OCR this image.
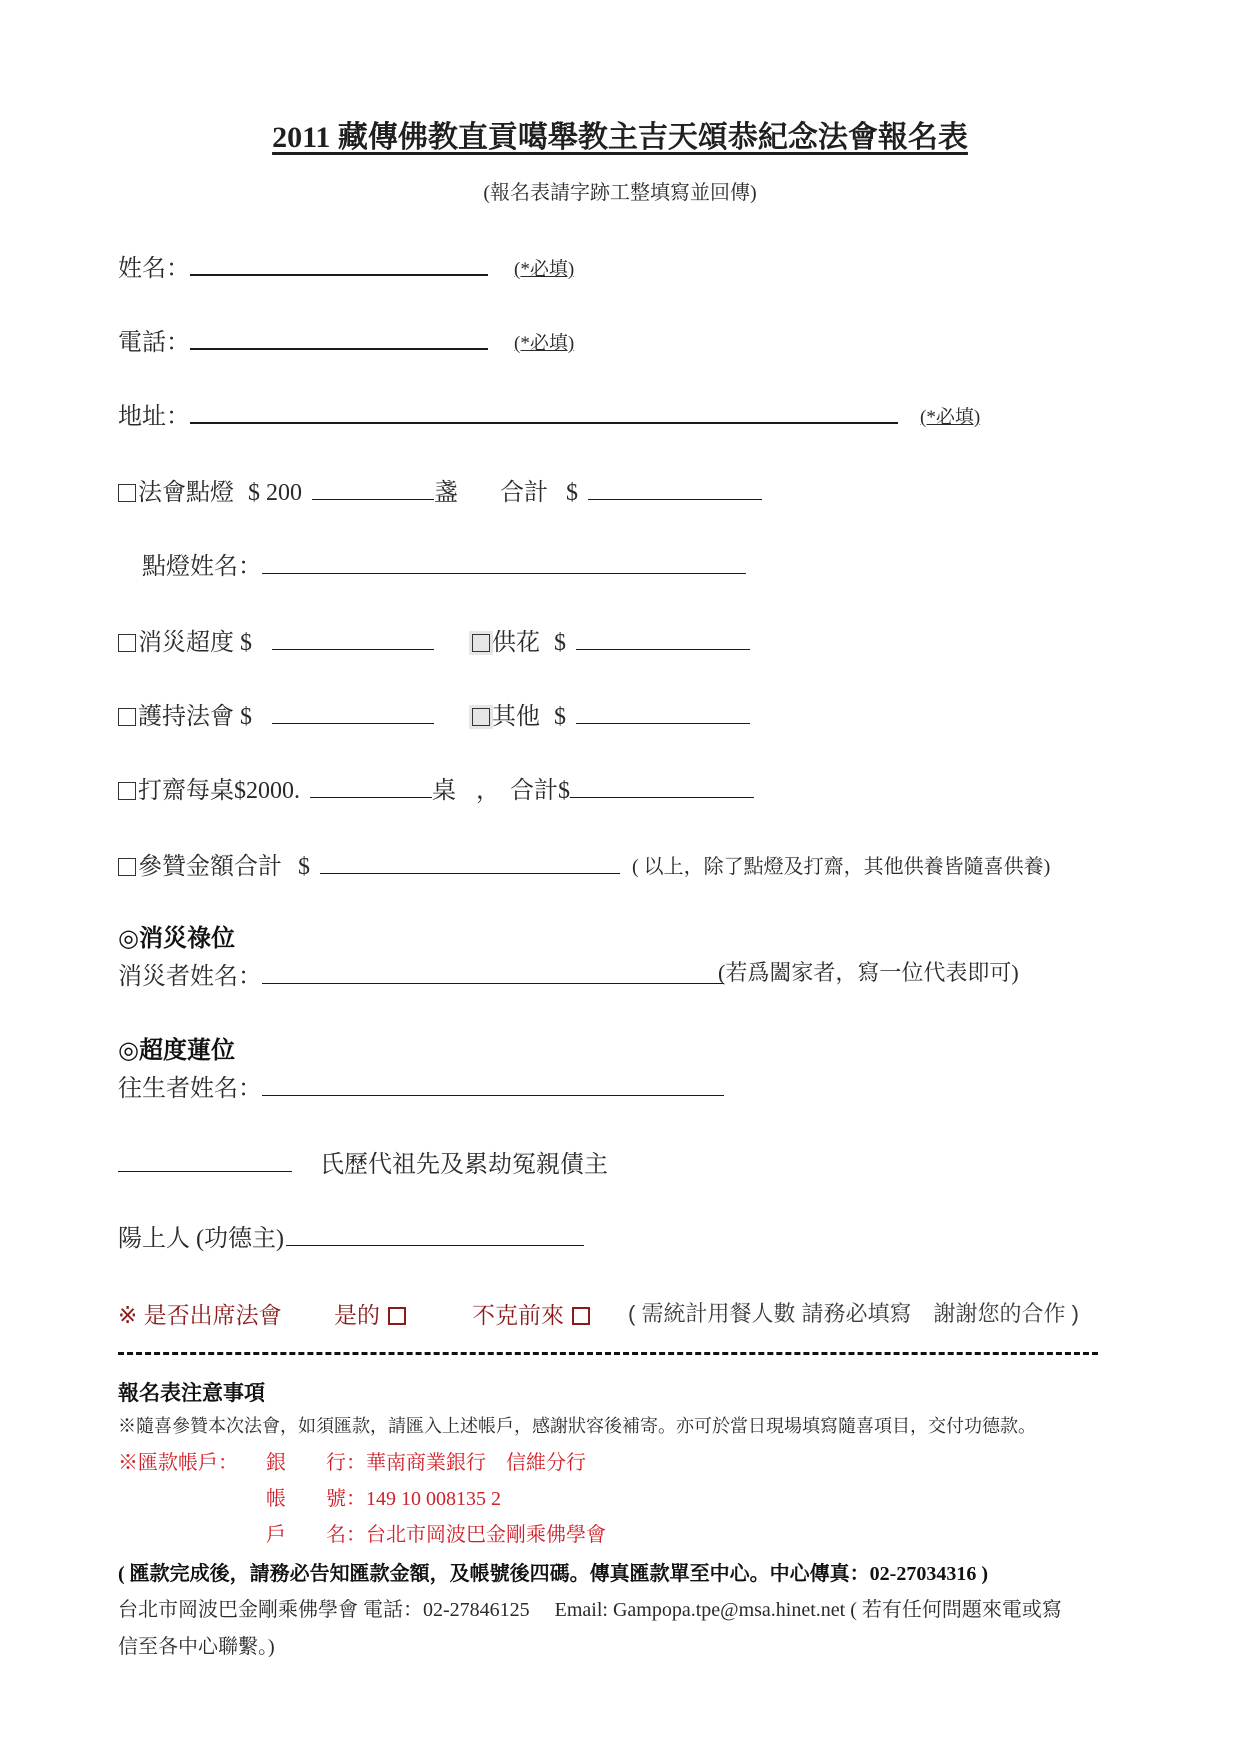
2011 藏傳佛教直貢噶舉教主吉天頌恭紀念法會報名表
(報名表請字跡工整填寫並回傳)
姓名：	(*必填)
電話：	(*必填)
地址：	(*必填)
法會點燈 $ 200	盞 合計 $
點燈姓名：
消災超度 $	供花 $
護持法會 $	其他 $
打齋每桌$2000.	桌 ， 合計$
參贊金額合計 $	( 以上，除了點燈及打齋，其他供養皆隨喜供養)
◎消災祿位
消災者姓名：	(若爲闔家者，寫一位代表即可)
◎超度蓮位
往生者姓名：
氏歷代祖先及累劫冤親債主
陽上人 (功德主)
※ 是否出席法會 是的	不克前來	( 需統計用餐人數 請務必填寫　謝謝您的合作 )
報名表注意事項
※隨喜參贊本次法會，如須匯款，請匯入上述帳戶，感謝狀容後補寄。亦可於當日現場填寫隨喜項目，交付功德款。
※匯款帳戶： 銀　　行：華南商業銀行　信維分行
帳　　號：149 10 008135 2
戶　　名：台北市岡波巴金剛乘佛學會
( 匯款完成後，請務必告知匯款金額，及帳號後四碼。傳真匯款單至中心。中心傳真：02-27034316 )
台北市岡波巴金剛乘佛學會 電話：02-27846125　 Email: Gampopa.tpe@msa.hinet.net ( 若有任何問題來電或寫
信至各中心聯繫。)
